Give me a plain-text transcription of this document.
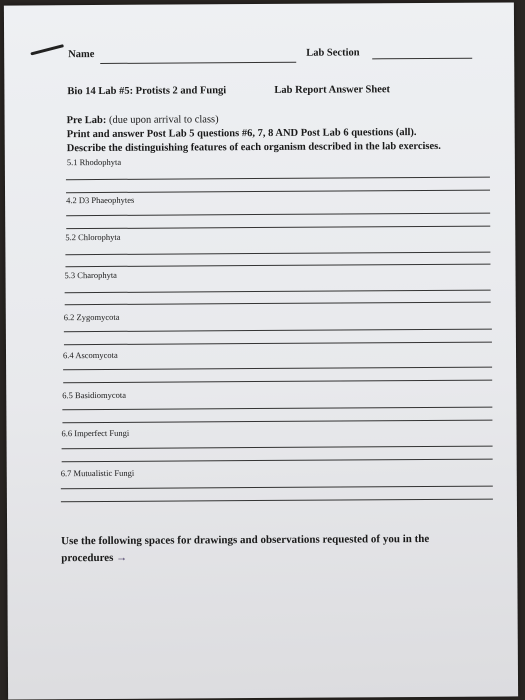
Name	Lab Section
Bio 14 Lab #5: Protists 2 and Fungi	Lab Report Answer Sheet
Pre Lab: (due upon arrival to class)
Print and answer Post Lab 5 questions #6, 7, 8 AND Post Lab 6 questions (all).
Describe the distinguishing features of each organism described in the lab exercises.
5.1 Rhodophyta
4.2 D3 Phaeophytes
5.2 Chlorophyta
5.3 Charophyta
6.2 Zygomycota
6.4 Ascomycota
6.5 Basidiomycota
6.6 Imperfect Fungi
6.7 Mutualistic Fungi
Use the following spaces for drawings and observations requested of you in the
procedures →
